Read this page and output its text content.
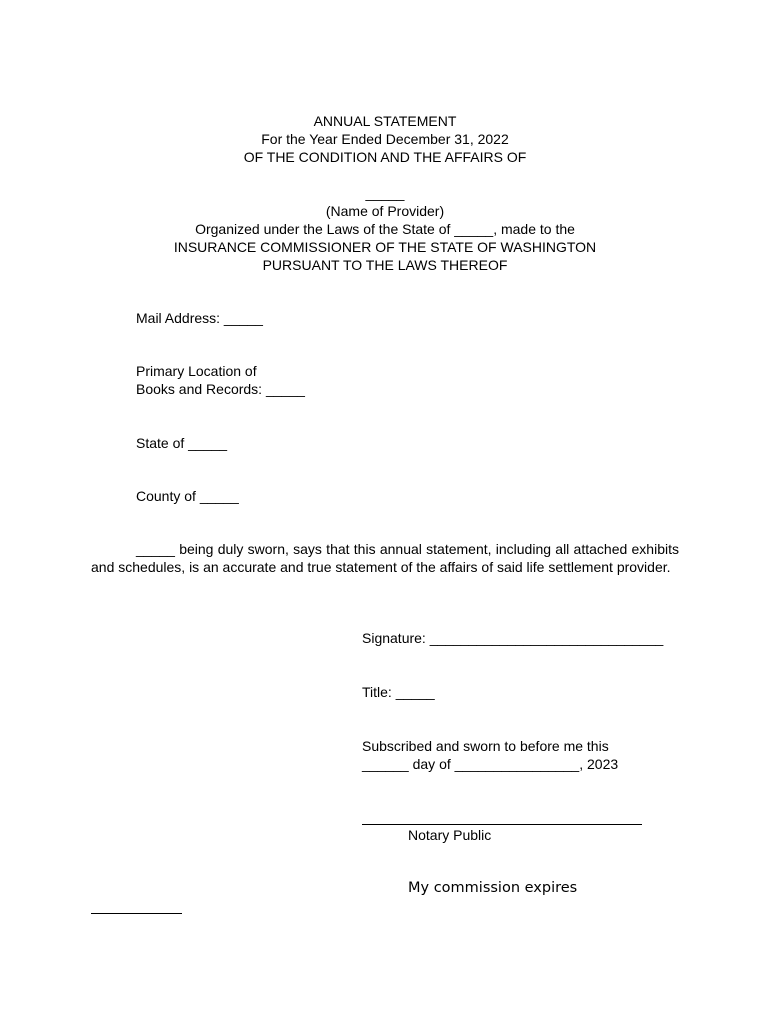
ANNUAL STATEMENT
For the Year Ended December 31, 2022
OF THE CONDITION AND THE AFFAIRS OF
_____
(Name of Provider)
Organized under the Laws of the State of _____, made to the
INSURANCE COMMISSIONER OF THE STATE OF WASHINGTON
PURSUANT TO THE LAWS THEREOF
Mail Address: _____
Primary Location of
Books and Records: _____
State of _____
County of _____
_____ being duly sworn, says that this annual statement, including all attached exhibits and schedules, is an accurate and true statement of the affairs of said life settlement provider.
Signature: ______________________________
Title: _____
Subscribed and sworn to before me this
______ day of ________________, 2023
Notary Public
My commission expires
